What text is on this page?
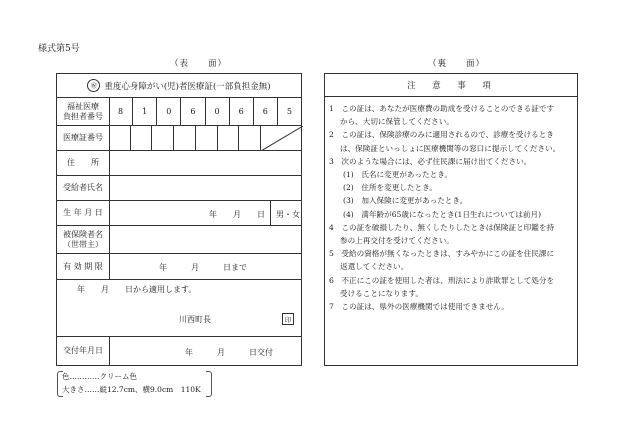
様式第5号
（表　　面）	（裏　　面）
㊗ 重度心身障がい(児)者医療証(一部負担金無)
福祉医療
負担者番号	8	1	0	6	0	6	6	5
医療証番号
住　　所
受給者氏名
生 年 月 日	年　　月　　日 男・女
被保険者名
（世帯主）
有 効 期 限	年　　　月　　　日まで
年　　月　　日から適用します。
川西町長	印
交付年月日	年　　　月　　　日交付
注　意　事　項
1　この証は、あなたが医療費の助成を受けることのできる証です
から、大切に保管してください。
2　この証は、保険診療のみに適用されるので、診療を受けるとき
は、保険証といっしょに医療機関等の窓口に提示してください。
3　次のような場合には、必ず住民課に届け出てください。
(1)　氏名に変更があったとき。
(2)　住所を変更したとき。
(3)　加入保険に変更があったとき。
(4)　満年齢が65歳になったとき(1日生れについては前月)
4　この証を破損したり、無くしたりしたときは保険証と印鑑を持
参の上再交付を受けてください。
5　受給の資格が無くなったときは、すみやかにこの証を住民課に
返還してください。
6　不正にこの証を使用した者は、刑法により詐欺罪として処分を
受けることになります。
7　この証は、県外の医療機関では使用できません。
色…………クリーム色
大きさ……縦12.7cm、横9.0cm　110K
